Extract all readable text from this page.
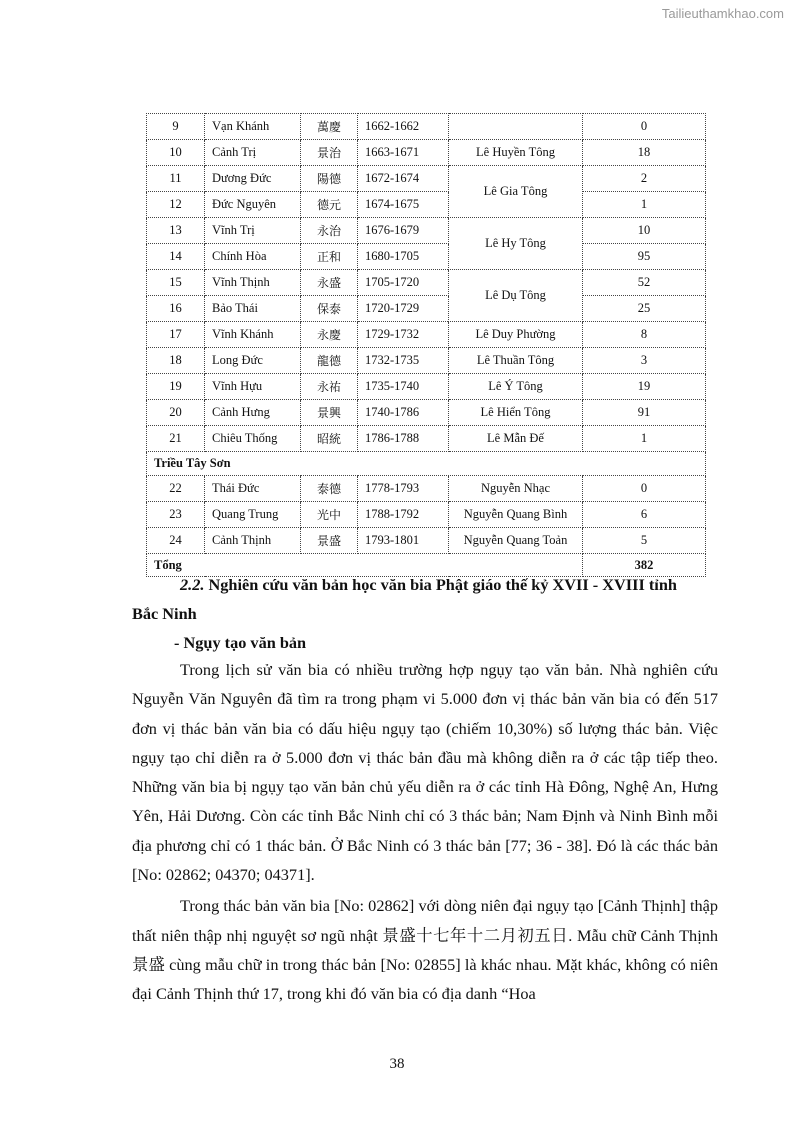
Tailieuthamkhao.com
9	Vạn Khánh	萬慶	1662-1662		0
10	Cảnh Trị	景治	1663-1671	Lê Huyền Tông	18
11	Dương Đức	陽德	1672-1674	Lê Gia Tông	2
12	Đức Nguyên	德元	1674-1675		1
13	Vĩnh Trị	永治	1676-1679	Lê Hy Tông	10
14	Chính Hòa	正和	1680-1705		95
15	Vĩnh Thịnh	永盛	1705-1720	Lê Dụ Tông	52
16	Bảo Thái	保泰	1720-1729		25
17	Vĩnh Khánh	永慶	1729-1732	Lê Duy Phường	8
18	Long Đức	龍德	1732-1735	Lê Thuần Tông	3
19	Vĩnh Hựu	永祐	1735-1740	Lê Ý Tông	19
20	Cảnh Hưng	景興	1740-1786	Lê Hiển Tông	91
21	Chiêu Thống	昭統	1786-1788	Lê Mẫn Đế	1
Triều Tây Sơn					
22	Thái Đức	泰德	1778-1793	Nguyễn Nhạc	0
23	Quang Trung	光中	1788-1792	Nguyễn Quang Bình	6
24	Cảnh Thịnh	景盛	1793-1801	Nguyễn Quang Toản	5
Tổng					382
2.2. Nghiên cứu văn bản học văn bia Phật giáo thế kỷ XVII - XVIII tỉnh
Bắc Ninh
- Ngụy tạo văn bản

Trong lịch sử văn bia có nhiều trường hợp ngụy tạo văn bản. Nhà nghiên cứu Nguyễn Văn Nguyên đã tìm ra trong phạm vi 5.000 đơn vị thác bản văn bia có đến 517 đơn vị thác bản văn bia có dấu hiệu ngụy tạo (chiếm 10,30%) số lượng thác bản. Việc ngụy tạo chỉ diễn ra ở 5.000 đơn vị thác bản đầu mà không diễn ra ở các tập tiếp theo. Những văn bia bị ngụy tạo văn bản chủ yếu diễn ra ở các tỉnh Hà Đông, Nghệ An, Hưng Yên, Hải Dương. Còn các tỉnh Bắc Ninh chỉ có 3 thác bản; Nam Định và Ninh Bình mỗi địa phương chỉ có 1 thác bản. Ở Bắc Ninh có 3 thác bản [77; 36 - 38]. Đó là các thác bản [No: 02862; 04370; 04371].

Trong thác bản văn bia [No: 02862] với dòng niên đại ngụy tạo [Cảnh Thịnh] thập thất niên thập nhị nguyệt sơ ngũ nhật 景盛十七年十二月初五日. Mẫu chữ Cảnh Thịnh 景盛 cùng mẫu chữ in trong thác bản [No: 02855] là khác nhau. Mặt khác, không có niên đại Cảnh Thịnh thứ 17, trong khi đó văn bia có địa danh “Hoa

38
